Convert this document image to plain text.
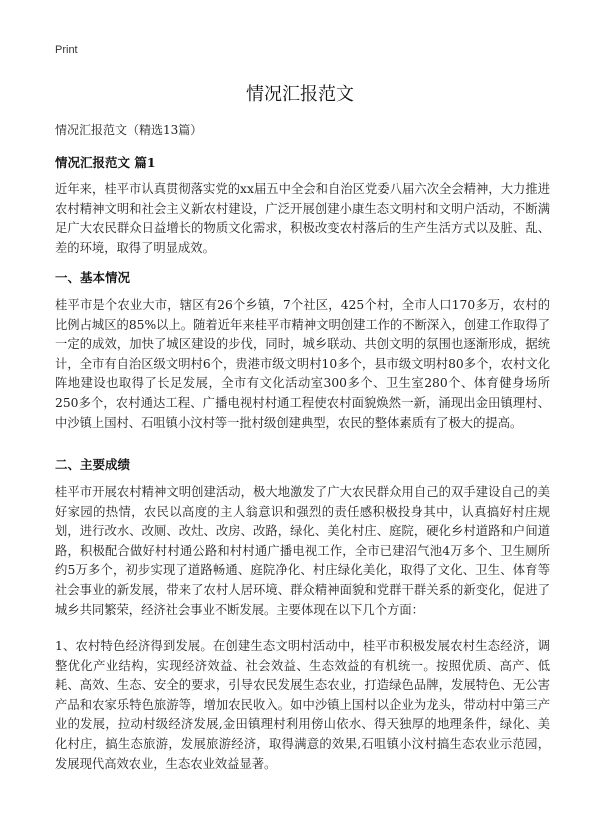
Print
情况汇报范文
情况汇报范文（精选13篇）
情况汇报范文 篇1

近年来，桂平市认真贯彻落实党的xx届五中全会和自治区党委八届六次全会精神，大力推进农村精神文明和社会主义新农村建设，广泛开展创建小康生态文明村和文明户活动，不断满足广大农民群众日益增长的物质文化需求，积极改变农村落后的生产生活方式以及脏、乱、差的环境，取得了明显成效。

一、基本情况

桂平市是个农业大市，辖区有26个乡镇，7个社区，425个村，全市人口170多万，农村的比例占城区的85%以上。随着近年来桂平市精神文明创建工作的不断深入，创建工作取得了一定的成效，加快了城区建设的步伐，同时，城乡联动、共创文明的氛围也逐渐形成，据统计，全市有自治区级文明村6个，贵港市级文明村10多个，县市级文明村80多个，农村文化阵地建设也取得了长足发展，全市有文化活动室300多个、卫生室280个、体育健身场所250多个，农村通达工程、广播电视村村通工程使农村面貌焕然一新，涌现出金田镇理村、中沙镇上国村、石咀镇小汶村等一批村级创建典型，农民的整体素质有了极大的提高。

二、主要成绩

桂平市开展农村精神文明创建活动，极大地激发了广大农民群众用自己的双手建设自己的美好家园的热情，农民以高度的主人翁意识和强烈的责任感积极投身其中，认真搞好村庄规划，进行改水、改厕、改灶、改房、改路，绿化、美化村庄、庭院，硬化乡村道路和户间道路，积极配合做好村村通公路和村村通广播电视工作，全市已建沼气池4万多个、卫生厕所约5万多个，初步实现了道路畅通、庭院净化、村庄绿化美化，取得了文化、卫生、体育等社会事业的新发展，带来了农村人居环境、群众精神面貌和党群干群关系的新变化，促进了城乡共同繁荣，经济社会事业不断发展。主要体现在以下几个方面：

1、农村特色经济得到发展。在创建生态文明村活动中，桂平市积极发展农村生态经济，调整优化产业结构，实现经济效益、社会效益、生态效益的有机统一。按照优质、高产、低耗、高效、生态、安全的要求，引导农民发展生态农业，打造绿色品牌，发展特色、无公害产品和农家乐特色旅游等，增加农民收入。如中沙镇上国村以企业为龙头，带动村中第三产业的发展，拉动村级经济发展,金田镇理村利用傍山依水、得天独厚的地理条件，绿化、美化村庄，搞生态旅游，发展旅游经济，取得满意的效果,石咀镇小汶村搞生态农业示范园，发展现代高效农业，生态农业效益显著。
